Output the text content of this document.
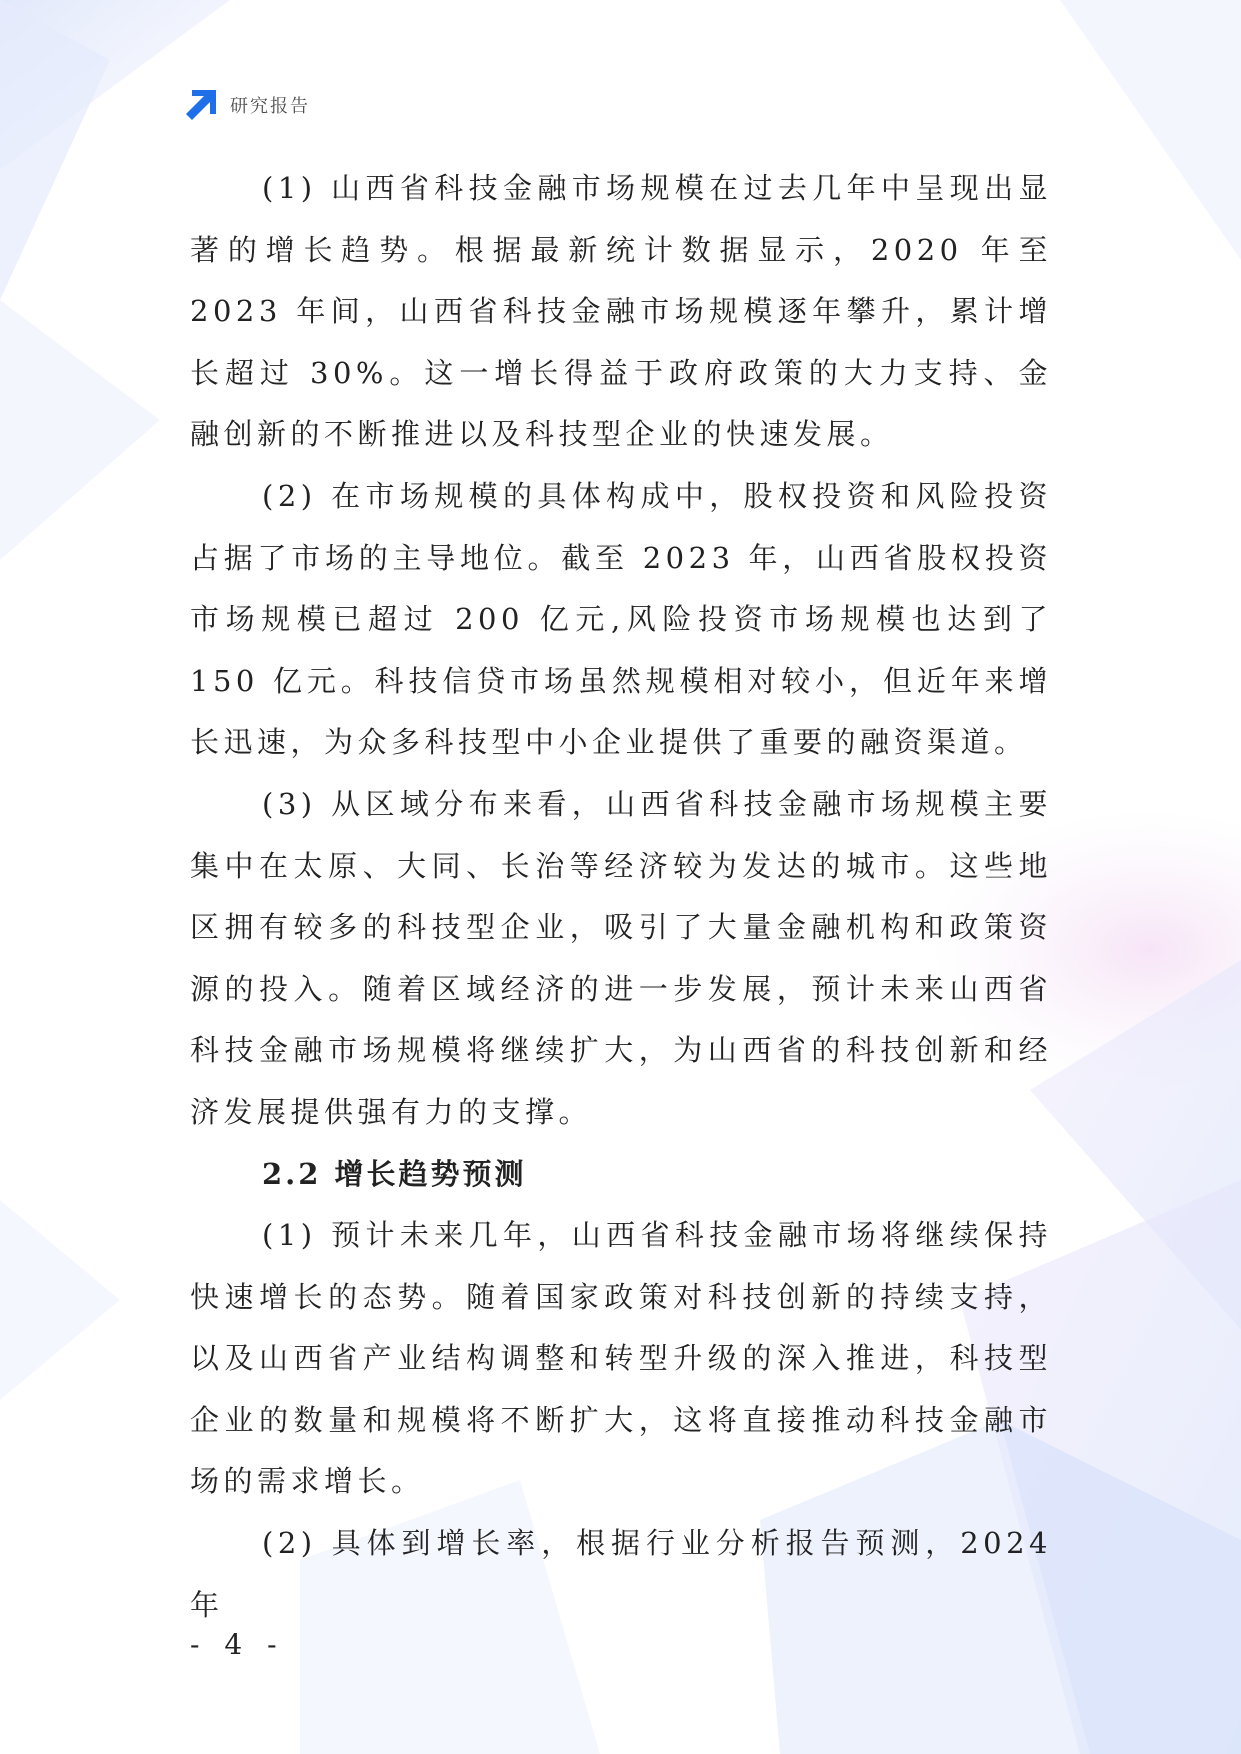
研究报告

(1) 山西省科技金融市场规模在过去几年中呈现出显著的增长趋势。根据最新统计数据显示，2020 年至 2023 年间，山西省科技金融市场规模逐年攀升，累计增长超过 30%。这一增长得益于政府政策的大力支持、金融创新的不断推进以及科技型企业的快速发展。

(2) 在市场规模的具体构成中，股权投资和风险投资占据了市场的主导地位。截至 2023 年，山西省股权投资市场规模已超过 200 亿元,风险投资市场规模也达到了 150 亿元。科技信贷市场虽然规模相对较小，但近年来增长迅速，为众多科技型中小企业提供了重要的融资渠道。

(3) 从区域分布来看，山西省科技金融市场规模主要集中在太原、大同、长治等经济较为发达的城市。这些地区拥有较多的科技型企业，吸引了大量金融机构和政策资源的投入。随着区域经济的进一步发展，预计未来山西省科技金融市场规模将继续扩大，为山西省的科技创新和经济发展提供强有力的支撑。

2.2 增长趋势预测

(1) 预计未来几年，山西省科技金融市场将继续保持快速增长的态势。随着国家政策对科技创新的持续支持，以及山西省产业结构调整和转型升级的深入推进，科技型企业的数量和规模将不断扩大，这将直接推动科技金融市场的需求增长。

(2) 具体到增长率，根据行业分析报告预测，2024 年

- 4 -
